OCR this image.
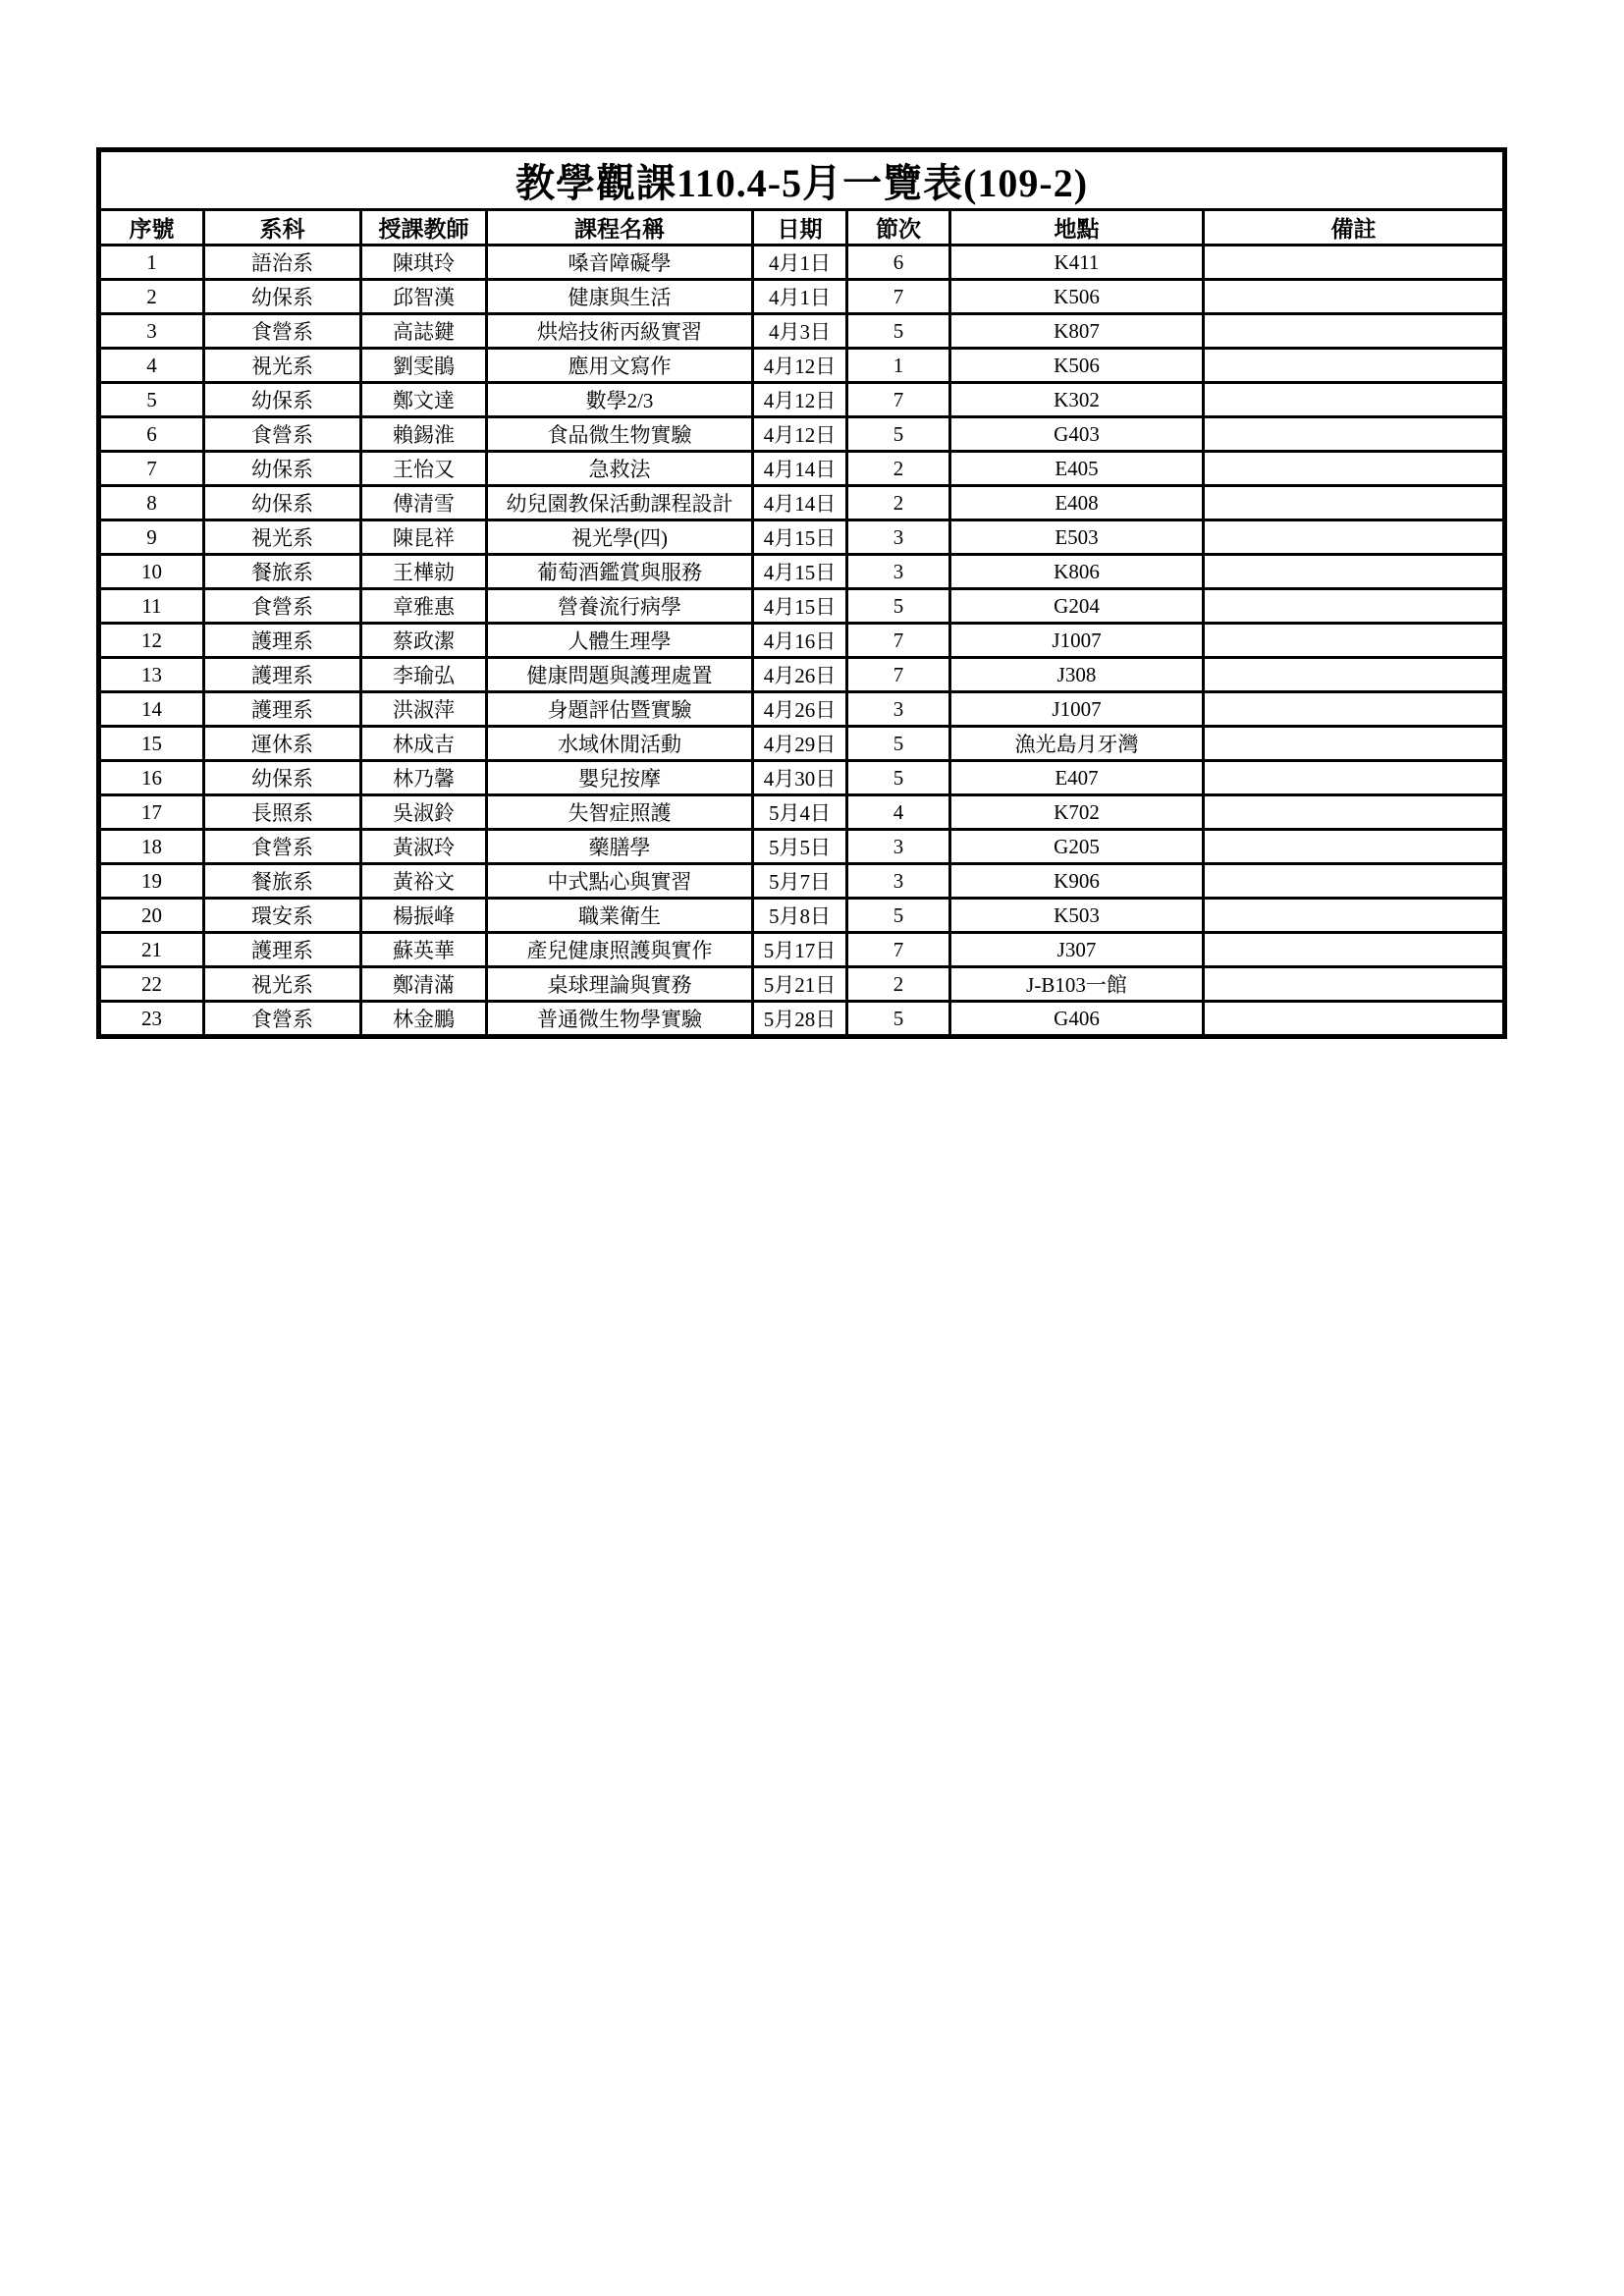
教學觀課110.4-5月一覽表(109-2)							
序號	系科	授課教師	課程名稱	日期	節次	地點	備註
1	語治系	陳琪玲	嗓音障礙學	4月1日	6	K411	
2	幼保系	邱智漢	健康與生活	4月1日	7	K506	
3	食營系	高誌鍵	烘焙技術丙級實習	4月3日	5	K807	
4	視光系	劉雯鵑	應用文寫作	4月12日	1	K506	
5	幼保系	鄭文達	數學2/3	4月12日	7	K302	
6	食營系	賴錫淮	食品微生物實驗	4月12日	5	G403	
7	幼保系	王怡又	急救法	4月14日	2	E405	
8	幼保系	傅清雪	幼兒園教保活動課程設計	4月14日	2	E408	
9	視光系	陳昆祥	視光學(四)	4月15日	3	E503	
10	餐旅系	王樺勍	葡萄酒鑑賞與服務	4月15日	3	K806	
11	食營系	章雅惠	營養流行病學	4月15日	5	G204	
12	護理系	蔡政潔	人體生理學	4月16日	7	J1007	
13	護理系	李瑜弘	健康問題與護理處置	4月26日	7	J308	
14	護理系	洪淑萍	身題評估暨實驗	4月26日	3	J1007	
15	運休系	林成吉	水域休閒活動	4月29日	5	漁光島月牙灣	
16	幼保系	林乃馨	嬰兒按摩	4月30日	5	E407	
17	長照系	吳淑鈴	失智症照護	5月4日	4	K702	
18	食營系	黃淑玲	藥膳學	5月5日	3	G205	
19	餐旅系	黃裕文	中式點心與實習	5月7日	3	K906	
20	環安系	楊振峰	職業衛生	5月8日	5	K503	
21	護理系	蘇英華	產兒健康照護與實作	5月17日	7	J307	
22	視光系	鄭清滿	桌球理論與實務	5月21日	2	J-B103一館	
23	食營系	林金鵬	普通微生物學實驗	5月28日	5	G406	
